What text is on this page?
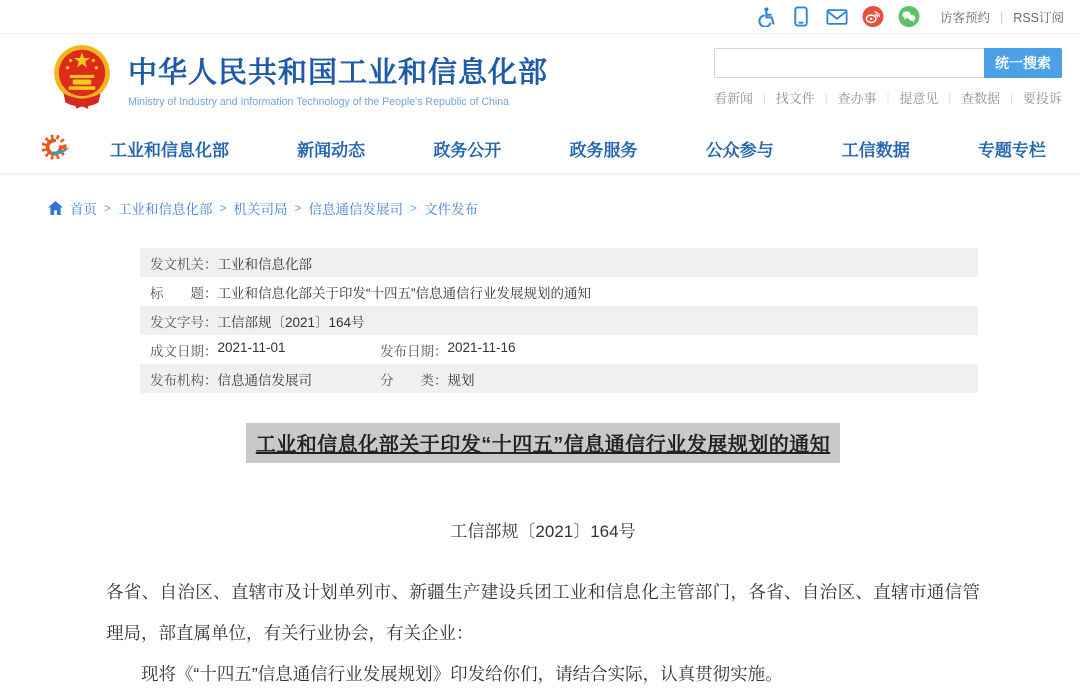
访客预约 | RSS订阅
中华人民共和国工业和信息化部
Ministry of Industry and Information Technology of the People's Republic of China
统一搜索
看新闻 | 找文件 | 查办事 | 提意见 | 查数据 | 要投诉
工业和信息化部	新闻动态	政务公开	政务服务	公众参与	工信数据	专题专栏
首页 > 工业和信息化部 > 机关司局 > 信息通信发展司 > 文件发布
发文机关： 工业和信息化部
标　　题： 工业和信息化部关于印发“十四五”信息通信行业发展规划的通知
发文字号： 工信部规〔2021〕164号
成文日期： 2021-11-01	发布日期： 2021-11-16
发布机构： 信息通信发展司	分　　类： 规划
工业和信息化部关于印发“十四五”信息通信行业发展规划的通知
工信部规〔2021〕164号

各省、自治区、直辖市及计划单列市、新疆生产建设兵团工业和信息化主管部门，各省、自治区、直辖市通信管理局，部直属单位，有关行业协会，有关企业：

现将《“十四五”信息通信行业发展规划》印发给你们，请结合实际，认真贯彻实施。
